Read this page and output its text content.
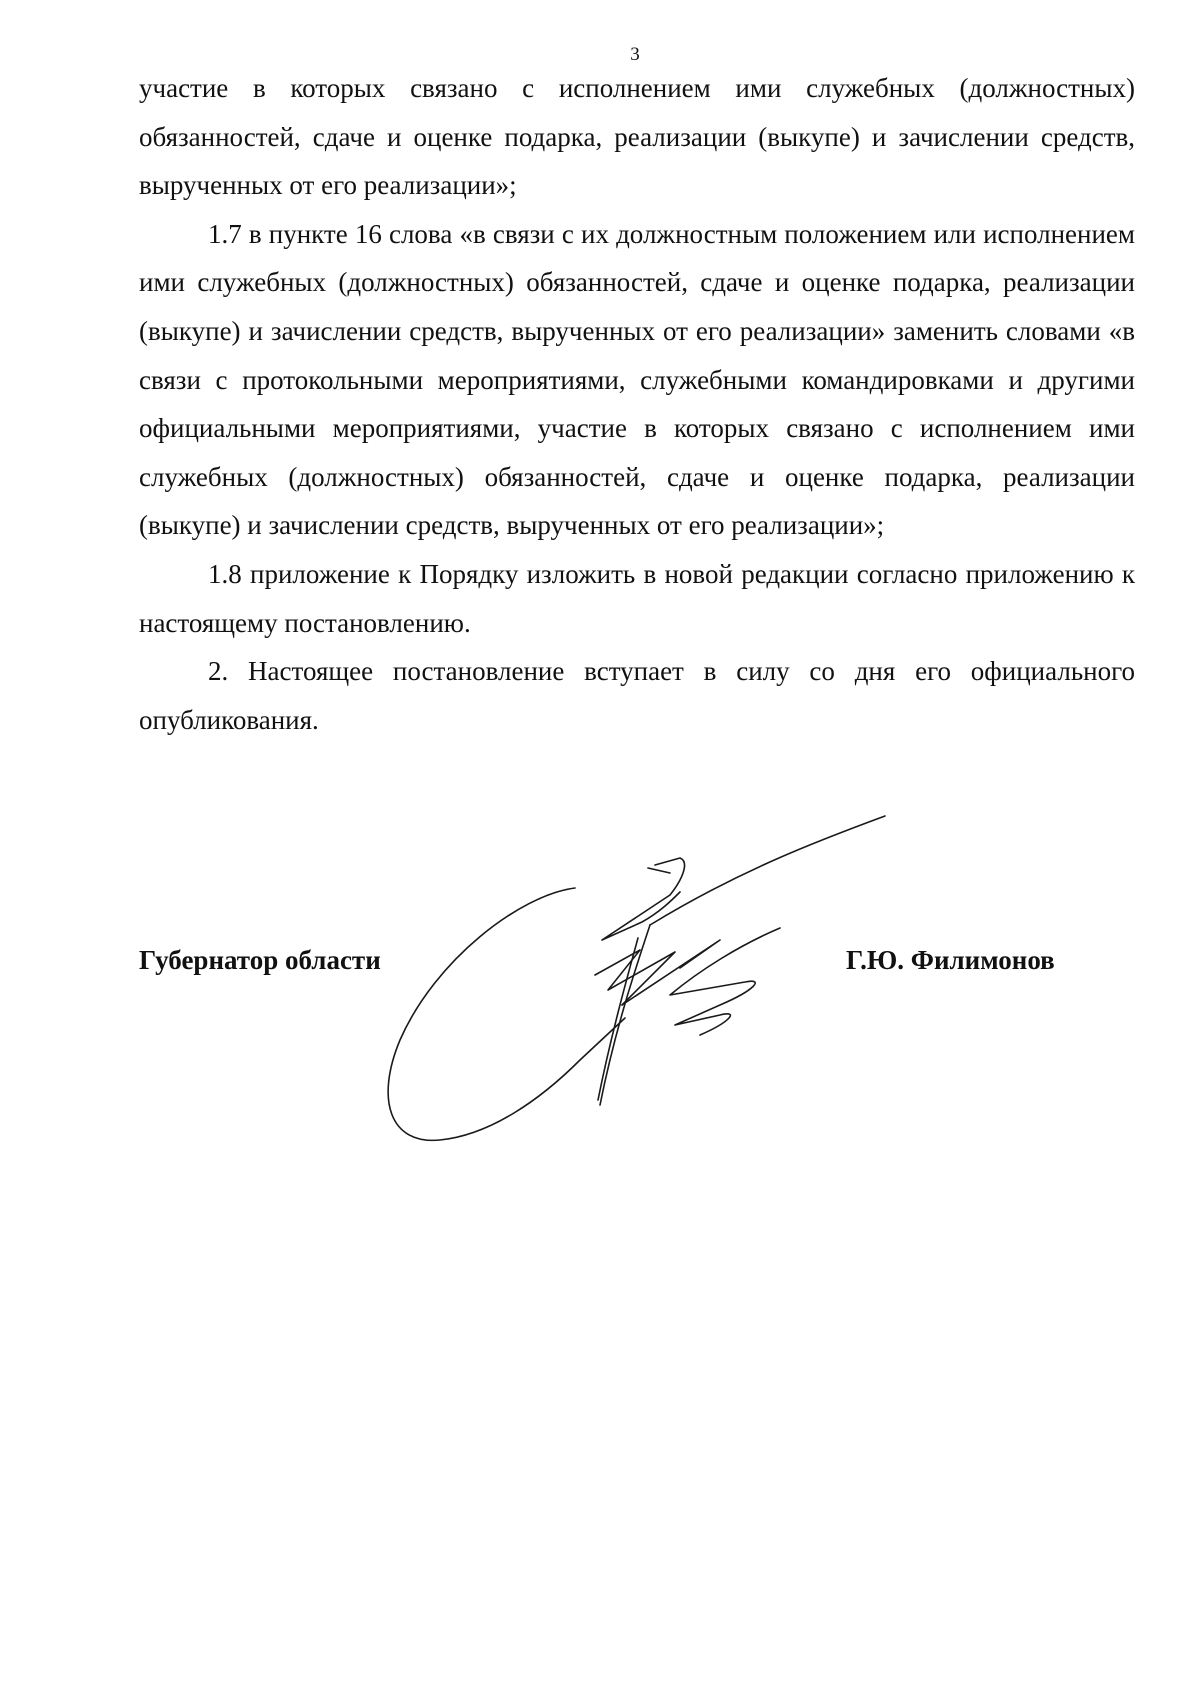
3

участие в которых связано с исполнением ими служебных (должностных) обязанностей, сдаче и оценке подарка, реализации (выкупе) и зачислении средств, вырученных от его реализации»;

1.7 в пункте 16 слова «в связи с их должностным положением или исполнением ими служебных (должностных) обязанностей, сдаче и оценке подарка, реализации (выкупе) и зачислении средств, вырученных от его реализации» заменить словами «в связи с протокольными мероприятиями, служебными командировками и другими официальными мероприятиями, участие в которых связано с исполнением ими служебных (должностных) обязанностей, сдаче и оценке подарка, реализации (выкупе) и зачислении средств, вырученных от его реализации»;

1.8 приложение к Порядку изложить в новой редакции согласно приложению к настоящему постановлению.

2. Настоящее постановление вступает в силу со дня его официального опубликования.

Губернатор области	Г.Ю. Филимонов
